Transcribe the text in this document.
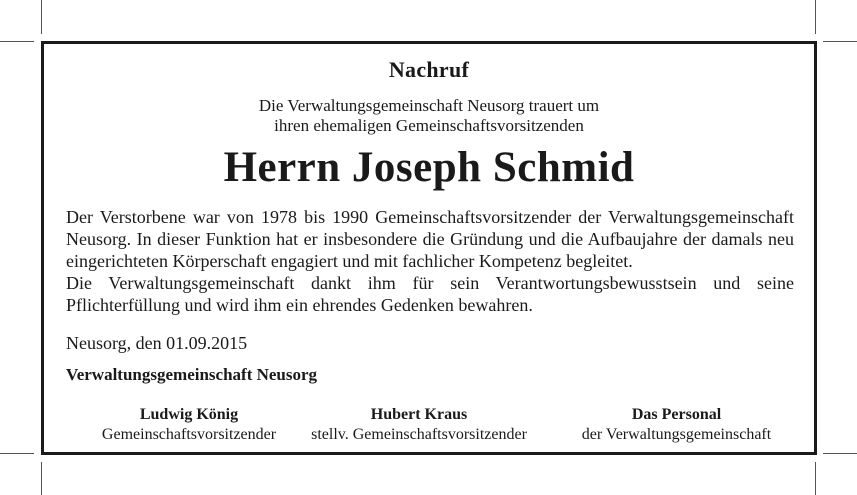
Nachruf
Die Verwaltungsgemeinschaft Neusorg trauert um
ihren ehemaligen Gemeinschaftsvorsitzenden
Herrn Joseph Schmid
Der Verstorbene war von 1978 bis 1990 Gemeinschaftsvorsitzender der Verwaltungsgemeinschaft Neusorg. In dieser Funktion hat er insbesondere die Gründung und die Aufbaujahre der damals neu eingerichteten Körperschaft engagiert und mit fachlicher Kompetenz begleitet.
Die Verwaltungsgemeinschaft dankt ihm für sein Verantwortungsbewusstsein und seine Pflichterfüllung und wird ihm ein ehrendes Gedenken bewahren.
Neusorg, den 01.09.2015
Verwaltungsgemeinschaft Neusorg
Ludwig König
Gemeinschaftsvorsitzender
Hubert Kraus
stellv. Gemeinschaftsvorsitzender
Das Personal
der Verwaltungsgemeinschaft
